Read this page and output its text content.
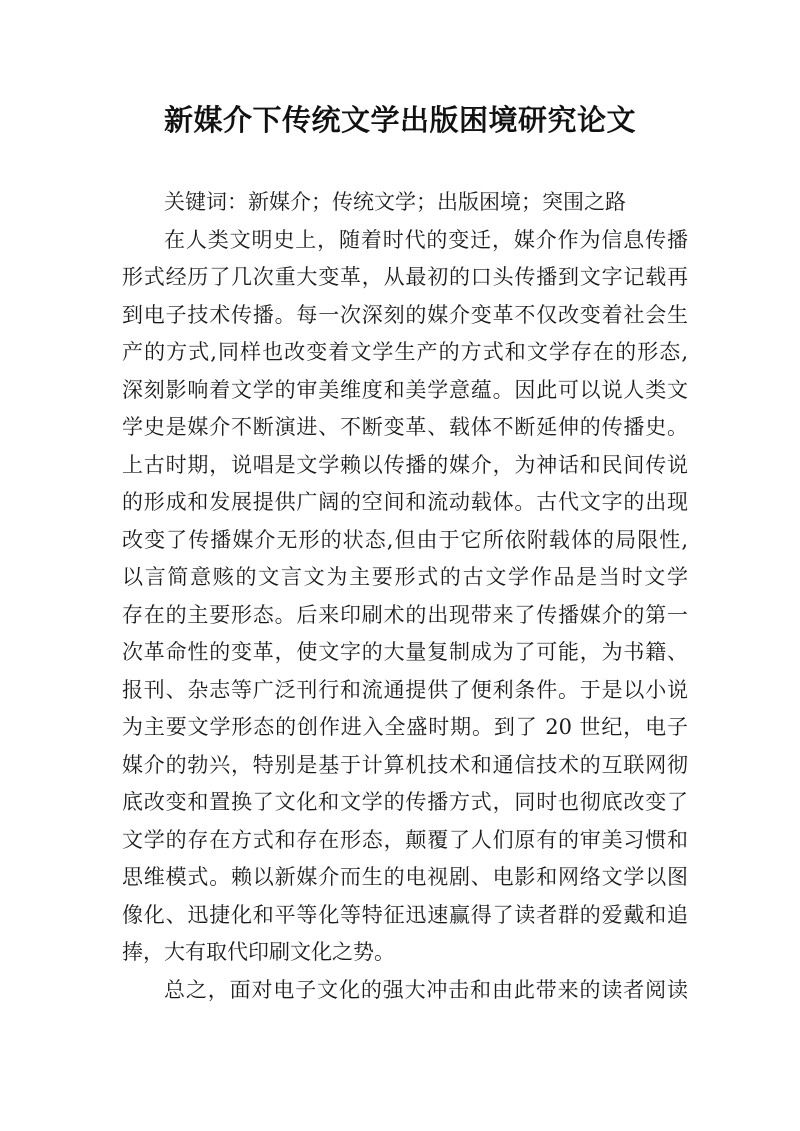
新媒介下传统文学出版困境研究论文
关键词：新媒介；传统文学；出版困境；突围之路
在人类文明史上，随着时代的变迁，媒介作为信息传播
形式经历了几次重大变革，从最初的口头传播到文字记载再
到电子技术传播。每一次深刻的媒介变革不仅改变着社会生
产的方式,同样也改变着文学生产的方式和文学存在的形态,
深刻影响着文学的审美维度和美学意蕴。因此可以说人类文
学史是媒介不断演进、不断变革、载体不断延伸的传播史。
上古时期，说唱是文学赖以传播的媒介，为神话和民间传说
的形成和发展提供广阔的空间和流动载体。古代文字的出现
改变了传播媒介无形的状态,但由于它所依附载体的局限性,
以言简意赅的文言文为主要形式的古文学作品是当时文学
存在的主要形态。后来印刷术的出现带来了传播媒介的第一
次革命性的变革，使文字的大量复制成为了可能，为书籍、
报刊、杂志等广泛刊行和流通提供了便利条件。于是以小说
为主要文学形态的创作进入全盛时期。到了 20 世纪，电子
媒介的勃兴，特别是基于计算机技术和通信技术的互联网彻
底改变和置换了文化和文学的传播方式，同时也彻底改变了
文学的存在方式和存在形态，颠覆了人们原有的审美习惯和
思维模式。赖以新媒介而生的电视剧、电影和网络文学以图
像化、迅捷化和平等化等特征迅速赢得了读者群的爱戴和追
捧，大有取代印刷文化之势。
总之，面对电子文化的强大冲击和由此带来的读者阅读
